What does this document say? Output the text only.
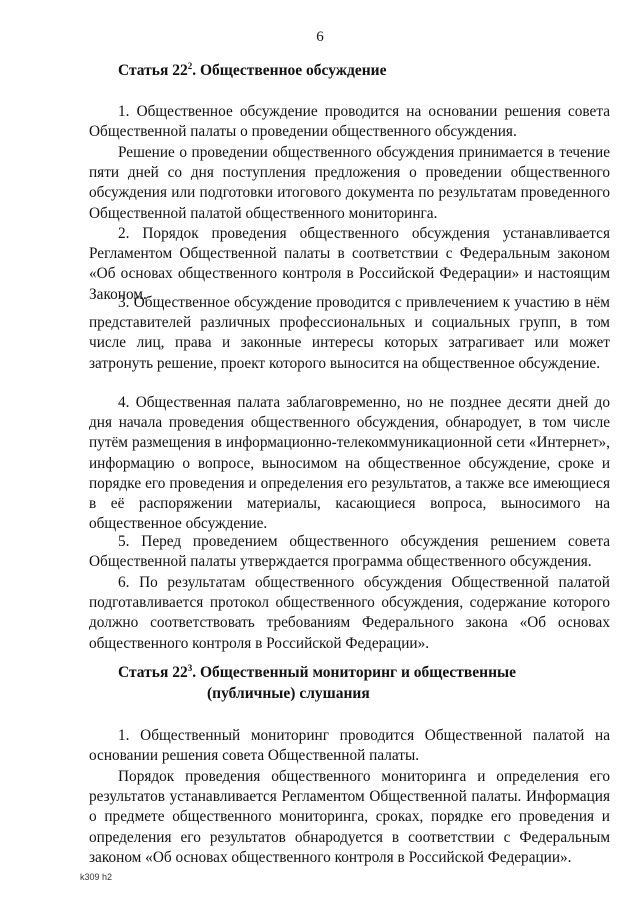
6
Статья $22^2$. Общественное обсуждение

1. Общественное обсуждение проводится на основании решения совета Общественной палаты о проведении общественного обсуждения.

Решение о проведении общественного обсуждения принимается в течение пяти дней со дня поступления предложения о проведении общественного обсуждения или подготовки итогового документа по результатам проведенного Общественной палатой общественного мониторинга.

2. Порядок проведения общественного обсуждения устанавливается Регламентом Общественной палаты в соответствии с Федеральным законом «Об основах общественного контроля в Российской Федерации» и настоящим Законом.

3. Общественное обсуждение проводится с привлечением к участию в нём представителей различных профессиональных и социальных групп, в том числе лиц, права и законные интересы которых затрагивает или может затронуть решение, проект которого выносится на общественное обсуждение.

4. Общественная палата заблаговременно, но не позднее десяти дней до дня начала проведения общественного обсуждения, обнародует, в том числе путём размещения в информационно-телекоммуникационной сети «Интернет», информацию о вопросе, выносимом на общественное обсуждение, сроке и порядке его проведения и определения его результатов, а также все имеющиеся в её распоряжении материалы, касающиеся вопроса, выносимого на общественное обсуждение.

5. Перед проведением общественного обсуждения решением совета Общественной палаты утверждается программа общественного обсуждения.

6. По результатам общественного обсуждения Общественной палатой подготавливается протокол общественного обсуждения, содержание которого должно соответствовать требованиям Федерального закона «Об основах общественного контроля в Российской Федерации».

Статья $22^3$. Общественный мониторинг и общественные
(публичные) слушания

1. Общественный мониторинг проводится Общественной палатой на основании решения совета Общественной палаты.

Порядок проведения общественного мониторинга и определения его результатов устанавливается Регламентом Общественной палаты. Информация о предмете общественного мониторинга, сроках, порядке его проведения и определения его результатов обнародуется в соответствии с Федеральным законом «Об основах общественного контроля в Российской Федерации».

k309 h2
